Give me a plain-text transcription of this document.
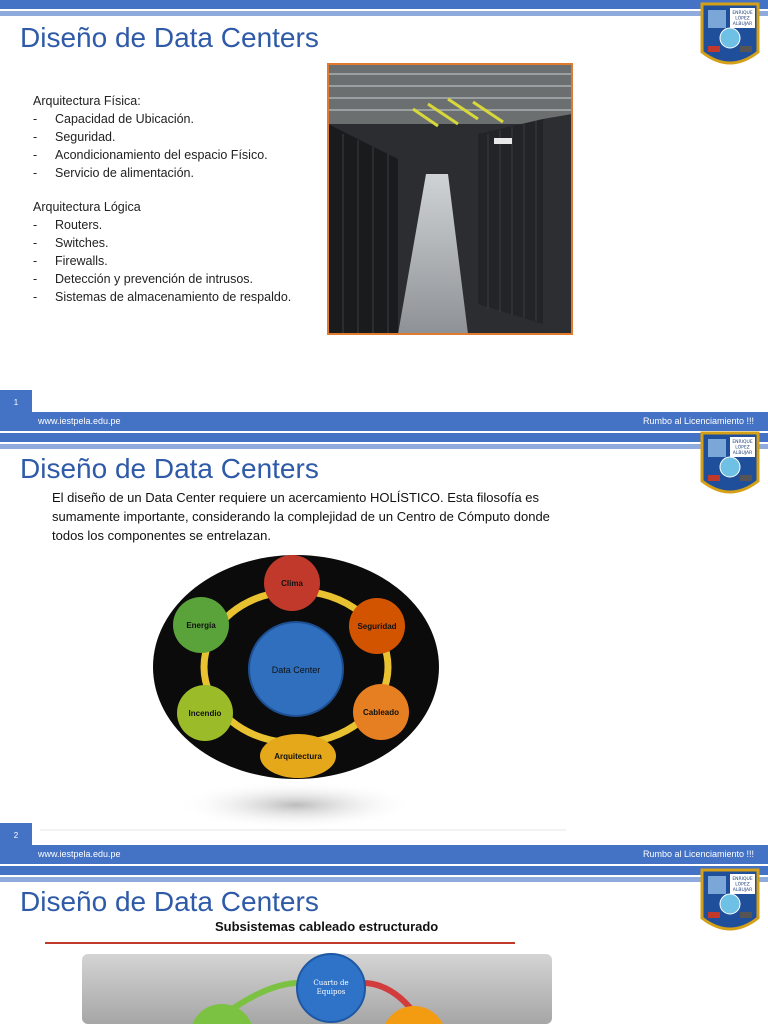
Diseño de Data Centers
ENRIQUE
LÓPEZ
ALBUJAR
Arquitectura Física:
- Capacidad de Ubicación.
- Seguridad.
- Acondicionamiento del espacio Físico.
- Servicio de alimentación.
Arquitectura Lógica
- Routers.
- Switches.
- Firewalls.
- Detección y prevención de intrusos.
- Sistemas de almacenamiento de respaldo.
1
www.iestpela.edu.pe	Rumbo al Licenciamiento !!!
Diseño de Data Centers
ENRIQUE
LÓPEZ
ALBUJAR
El diseño de un Data Center requiere un acercamiento HOLÍSTICO. Esta filosofía es sumamente importante, considerando la complejidad de un Centro de Cómputo donde todos los componentes se entrelazan.
Data Center
Clima
Seguridad
Cableado
Arquitectura
Incendio
Energía
2
www.iestpela.edu.pe	Rumbo al Licenciamiento !!!
Diseño de Data Centers
ENRIQUE
LÓPEZ
ALBUJAR
Subsistemas cableado estructurado
Cuarto de
Equipos
